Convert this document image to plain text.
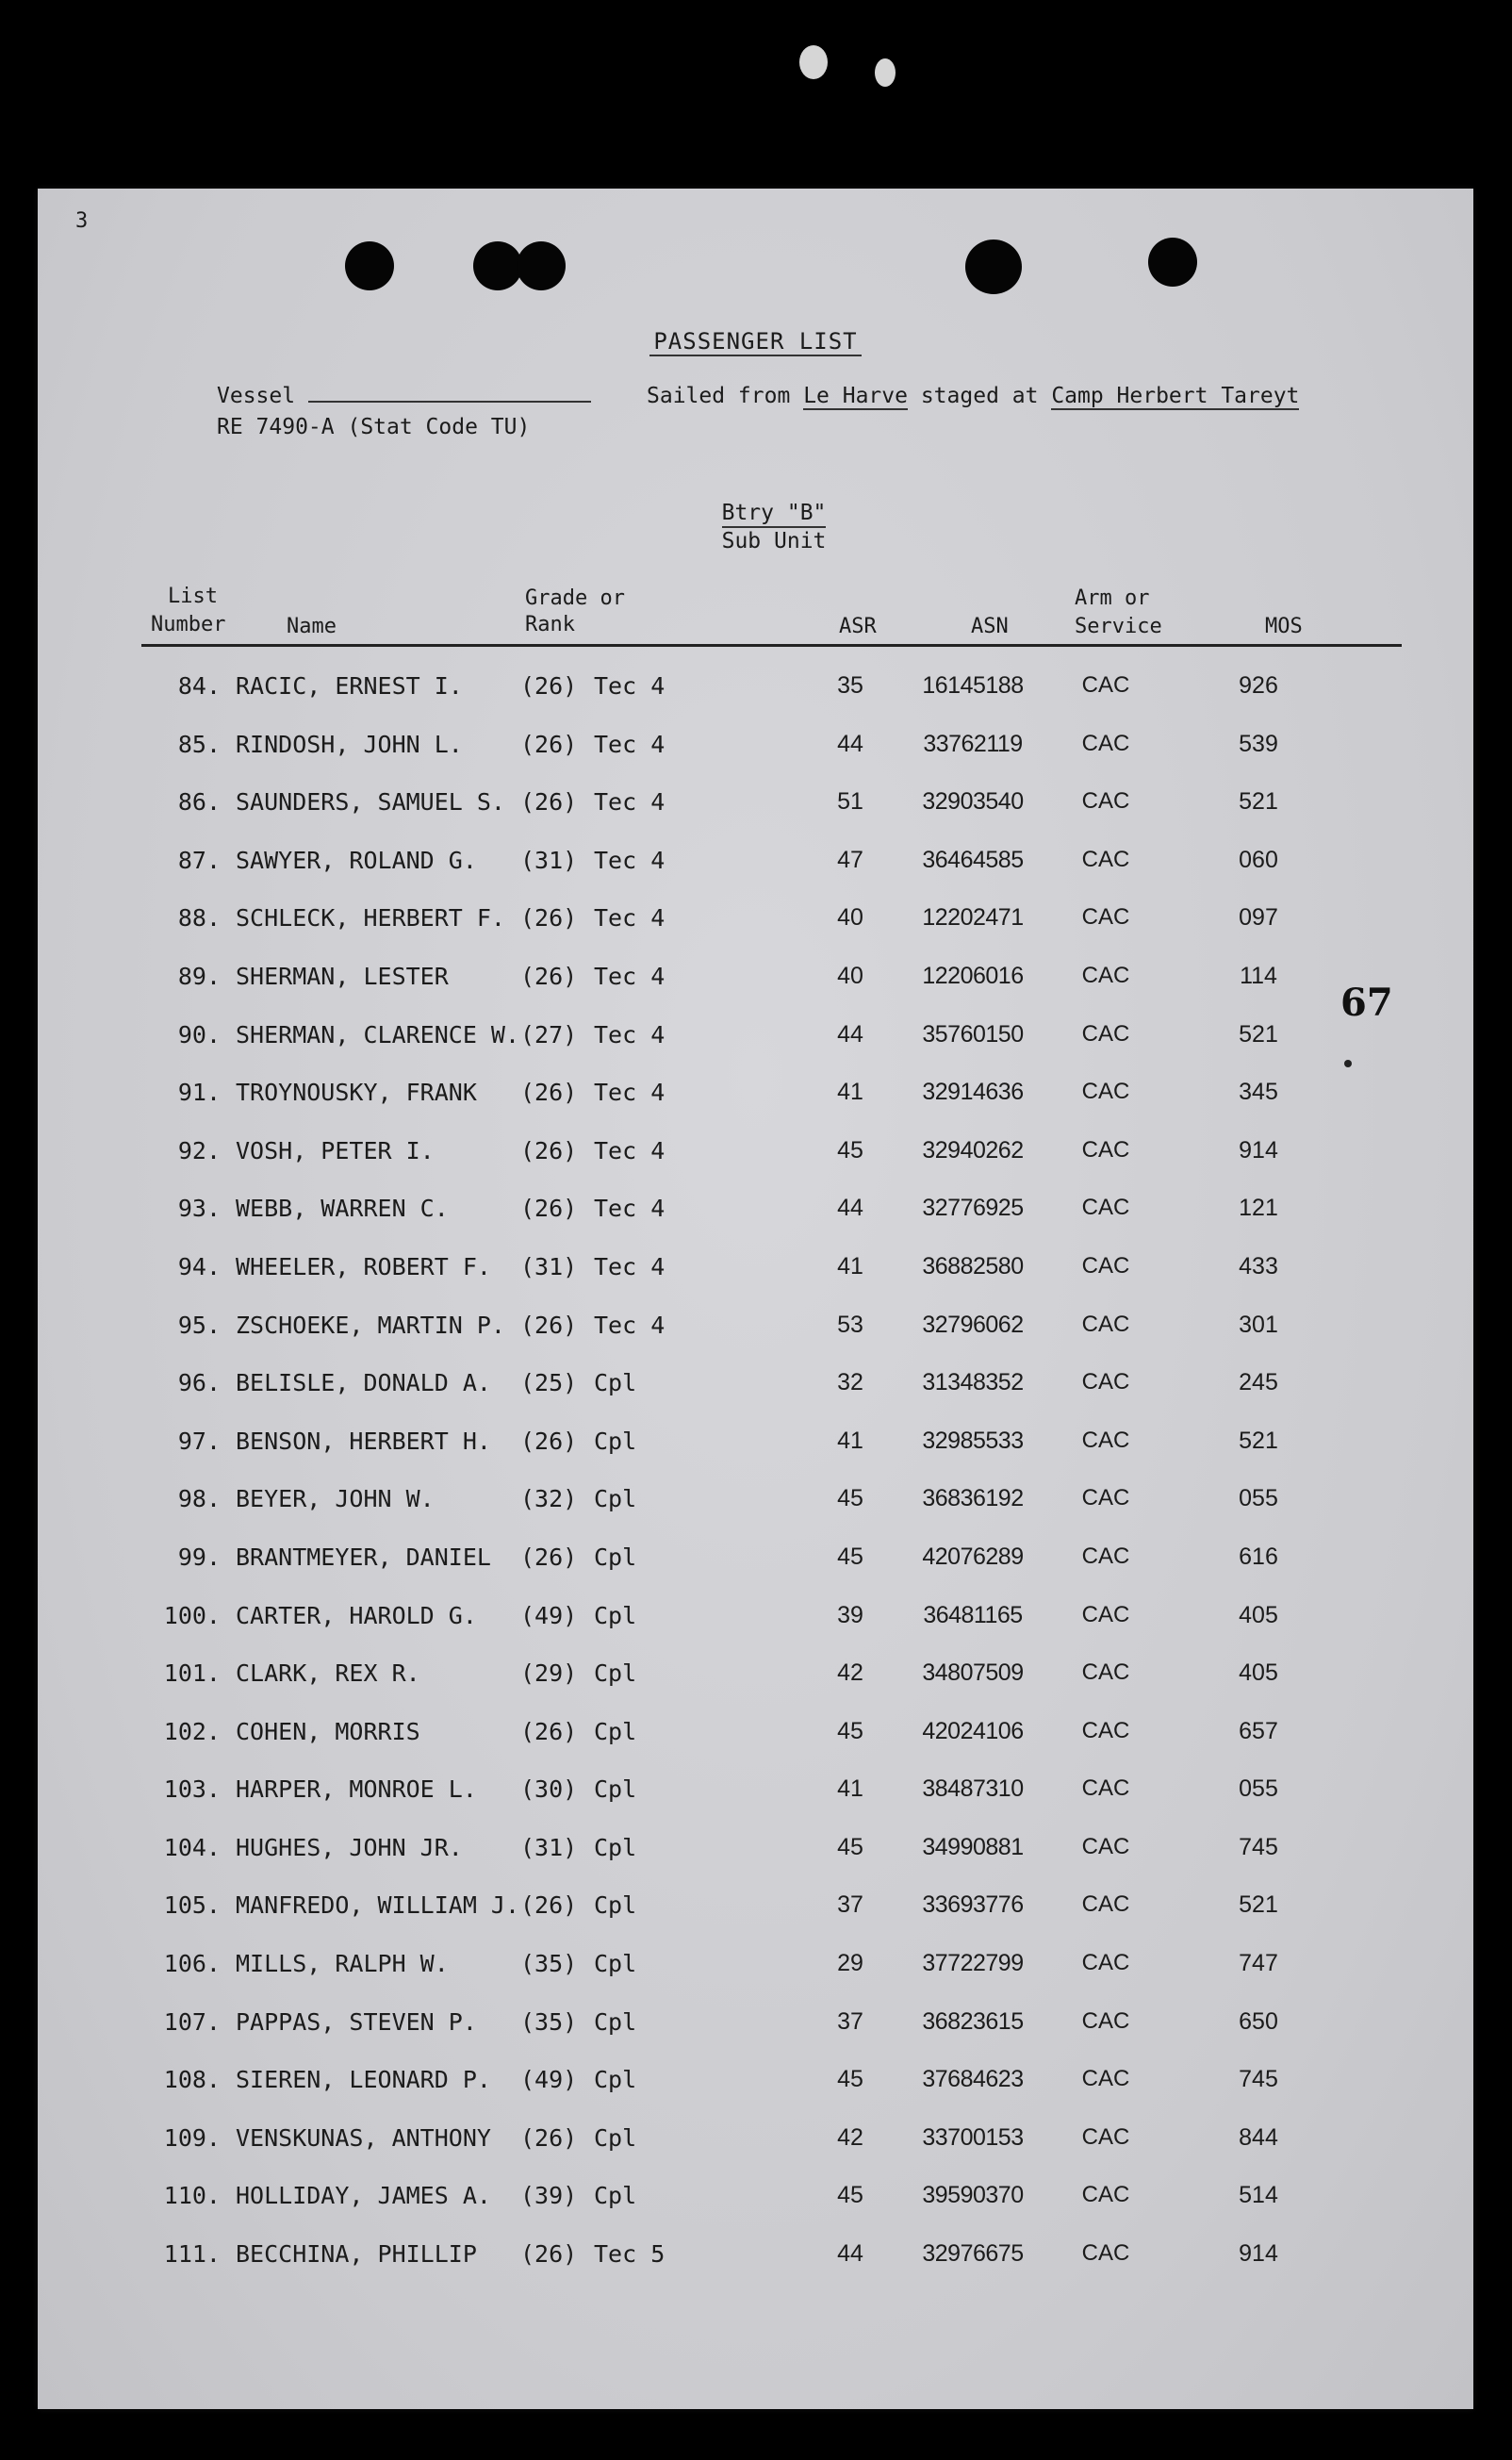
3
PASSENGER LIST
Vessel	Sailed from Le Harve staged at Camp Herbert Tareyt
RE 7490-A (Stat Code TU)
Btry "B"
Sub Unit
List
Number	Name
Grade or
Rank	ASR	ASN
Arm or
Service	MOS
84. RACIC, ERNEST I. (26) Tec 4	35	16145188	CAC	926
85. RINDOSH, JOHN L. (26) Tec 4	44	33762119	CAC	539
86. SAUNDERS, SAMUEL S. (26) Tec 4	51	32903540	CAC	521
87. SAWYER, ROLAND G. (31) Tec 4	47	36464585	CAC	060
88. SCHLECK, HERBERT F. (26) Tec 4	40	12202471	CAC	097
89. SHERMAN, LESTER	(26) Tec 4	40	12206016	CAC	114
90. SHERMAN, CLARENCE W. (27) Tec 4	44	35760150	CAC	521
91. TROYNOUSKY, FRANK (26) Tec 4	41	32914636	CAC	345
92. VOSH, PETER I.	(26) Tec 4	45	32940262	CAC	914
93. WEBB, WARREN C.	(26) Tec 4	44	32776925	CAC	121
94. WHEELER, ROBERT F. (31) Tec 4	41	36882580	CAC	433
95. ZSCHOEKE, MARTIN P. (26) Tec 4	53	32796062	CAC	301
96. BELISLE, DONALD A. (25) Cpl	32	31348352	CAC	245
97. BENSON, HERBERT H. (26) Cpl	41	32985533	CAC	521
98. BEYER, JOHN W.	(32) Cpl	45	36836192	CAC	055
99. BRANTMEYER, DANIEL (26) Cpl	45	42076289	CAC	616
100. CARTER, HAROLD G. (49) Cpl	39	36481165	CAC	405
101. CLARK, REX R.	(29) Cpl	42	34807509	CAC	405
102. COHEN, MORRIS	(26) Cpl	45	42024106	CAC	657
103. HARPER, MONROE L. (30) Cpl	41	38487310	CAC	055
104. HUGHES, JOHN JR. (31) Cpl	45	34990881	CAC	745
105. MANFREDO, WILLIAM J. (26) Cpl	37	33693776	CAC	521
106. MILLS, RALPH W.	(35) Cpl	29	37722799	CAC	747
107. PAPPAS, STEVEN P. (35) Cpl	37	36823615	CAC	650
108. SIEREN, LEONARD P. (49) Cpl	45	37684623	CAC	745
109. VENSKUNAS, ANTHONY (26) Cpl	42	33700153	CAC	844
110. HOLLIDAY, JAMES A. (39) Cpl	45	39590370	CAC	514
111. BECCHINA, PHILLIP (26) Tec 5	44	32976675	CAC	914
67
